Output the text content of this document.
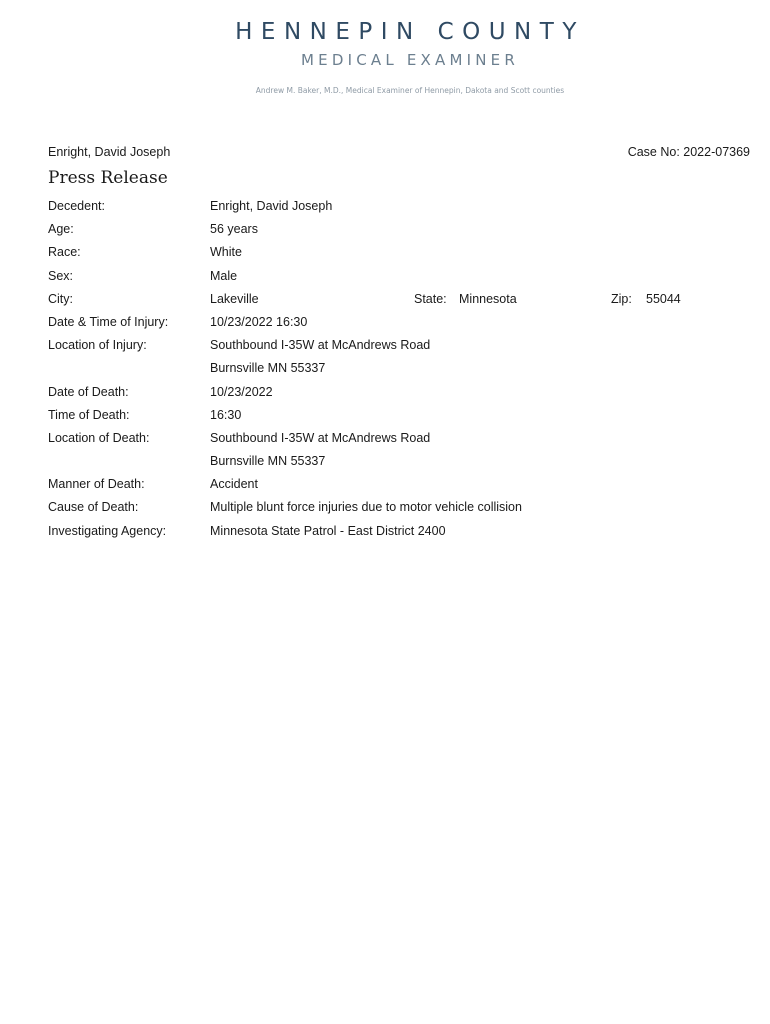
HENNEPIN COUNTY
MEDICAL EXAMINER
Andrew M. Baker, M.D., Medical Examiner of Hennepin, Dakota and Scott counties
Enright, David Joseph	Case No: 2022-07369
Press Release
Decedent:	Enright, David Joseph
Age:	56 years
Race:	White
Sex:	Male
City:	Lakeville	State: Minnesota	Zip: 55044
Date & Time of Injury:	10/23/2022 16:30
Location of Injury:	Southbound I-35W at McAndrews Road
Burnsville MN 55337
Date of Death:	10/23/2022
Time of Death:	16:30
Location of Death:	Southbound I-35W at McAndrews Road
Burnsville MN 55337
Manner of Death:	Accident
Cause of Death:	Multiple blunt force injuries due to motor vehicle collision
Investigating Agency:	Minnesota State Patrol - East District 2400
